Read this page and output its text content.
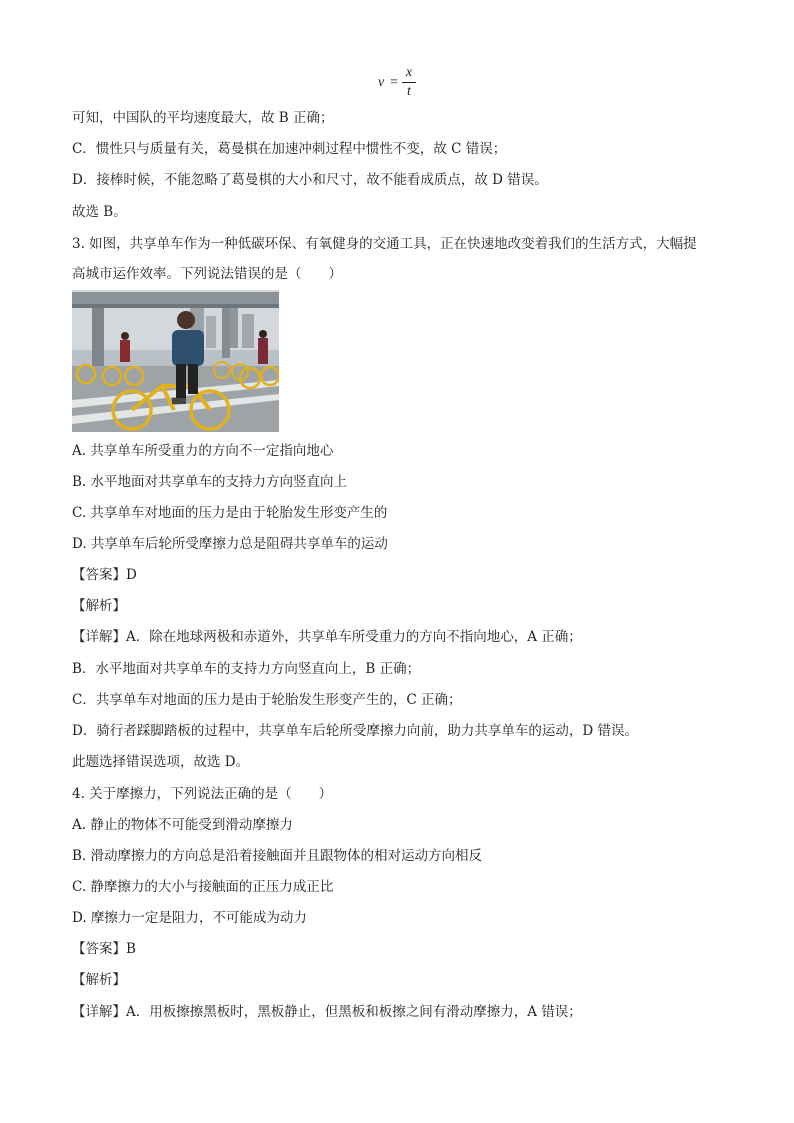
v =
x
t
可知，中国队的平均速度最大，故 B 正确；
C．惯性只与质量有关，葛曼棋在加速冲刺过程中惯性不变，故 C 错误；
D．接棒时候，不能忽略了葛曼棋的大小和尺寸，故不能看成质点，故 D 错误。
故选 B。
3. 如图，共享单车作为一种低碳环保、有氧健身的交通工具，正在快速地改变着我们的生活方式，大幅提
高城市运作效率。下列说法错误的是（　　）
A. 共享单车所受重力的方向不一定指向地心
B. 水平地面对共享单车的支持力方向竖直向上
C. 共享单车对地面的压力是由于轮胎发生形变产生的
D. 共享单车后轮所受摩擦力总是阻碍共享单车的运动
【答案】D
【解析】
【详解】A．除在地球两极和赤道外，共享单车所受重力的方向不指向地心，A 正确；
B．水平地面对共享单车的支持力方向竖直向上，B 正确；
C．共享单车对地面的压力是由于轮胎发生形变产生的，C 正确；
D．骑行者踩脚踏板的过程中，共享单车后轮所受摩擦力向前，助力共享单车的运动，D 错误。
此题选择错误选项，故选 D。
4. 关于摩擦力，下列说法正确的是（　　）
A. 静止的物体不可能受到滑动摩擦力
B. 滑动摩擦力的方向总是沿着接触面并且跟物体的相对运动方向相反
C. 静摩擦力的大小与接触面的正压力成正比
D. 摩擦力一定是阻力，不可能成为动力
【答案】B
【解析】
【详解】A．用板擦擦黑板时，黑板静止，但黑板和板擦之间有滑动摩擦力，A 错误；
